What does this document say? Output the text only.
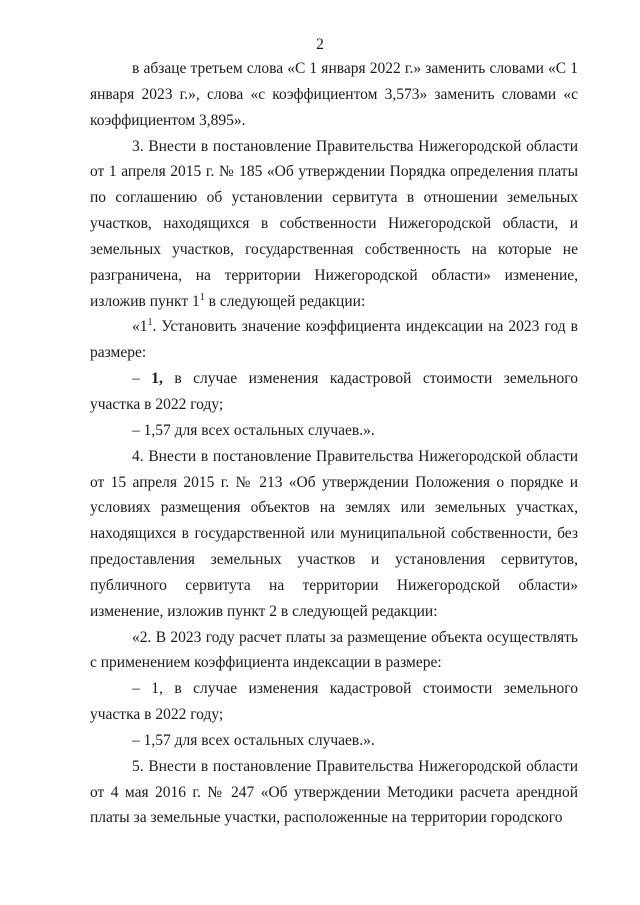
2

в абзаце третьем слова «С 1 января 2022 г.» заменить словами «С 1 января 2023 г.», слова «с коэффициентом 3,573» заменить словами «с коэффициентом 3,895».

3. Внести в постановление Правительства Нижегородской области от 1 апреля 2015 г. № 185 «Об утверждении Порядка определения платы по соглашению об установлении сервитута в отношении земельных участков, находящихся в собственности Нижегородской области, и земельных участков, государственная собственность на которые не разграничена, на территории Нижегородской области» изменение, изложив пункт $1^1$ в следующей редакции:

«$1^1$. Установить значение коэффициента индексации на 2023 год в размере:

– 1, в случае изменения кадастровой стоимости земельного участка в 2022 году;

– 1,57 для всех остальных случаев.».

4. Внести в постановление Правительства Нижегородской области от 15 апреля 2015 г. № 213 «Об утверждении Положения о порядке и условиях размещения объектов на землях или земельных участках, находящихся в государственной или муниципальной собственности, без предоставления земельных участков и установления сервитутов, публичного сервитута на территории Нижегородской области» изменение, изложив пункт 2 в следующей редакции:

«2. В 2023 году расчет платы за размещение объекта осуществлять с применением коэффициента индексации в размере:

– 1, в случае изменения кадастровой стоимости земельного участка в 2022 году;

– 1,57 для всех остальных случаев.».

5. Внести в постановление Правительства Нижегородской области от 4 мая 2016 г. № 247 «Об утверждении Методики расчета арендной платы за земельные участки, расположенные на территории городского
